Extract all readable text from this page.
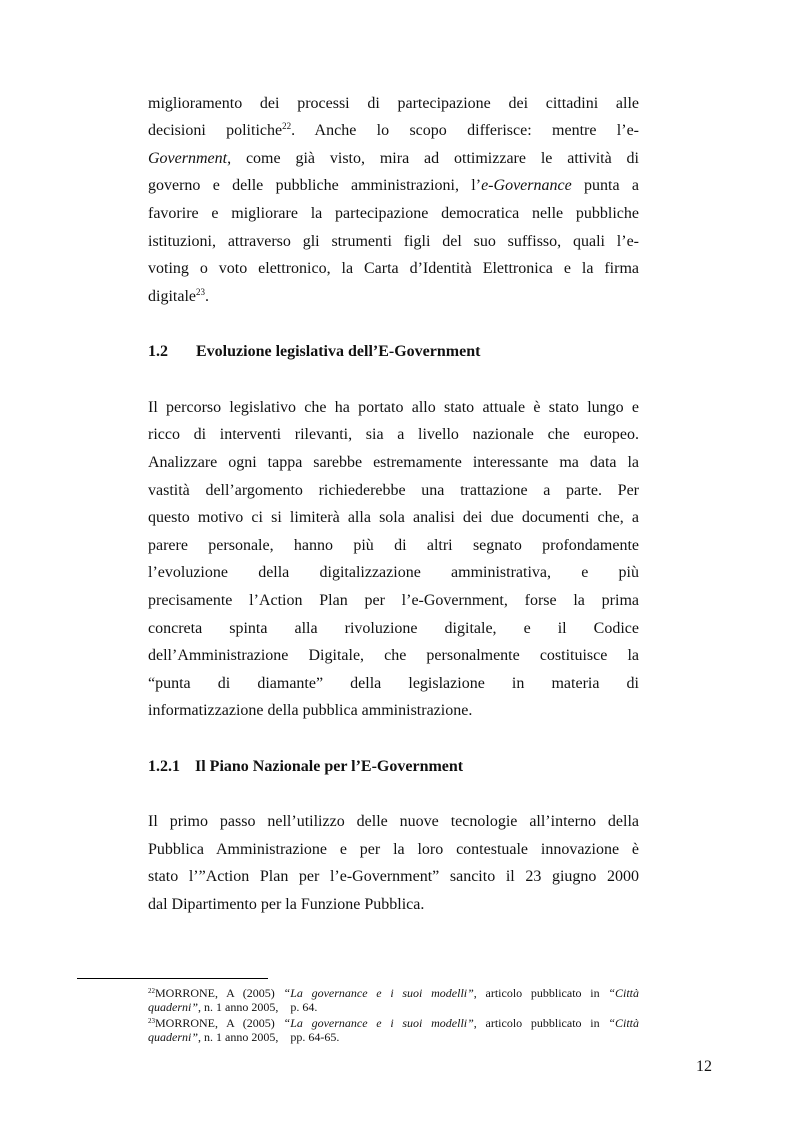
miglioramento dei processi di partecipazione dei cittadini alle
decisioni politiche$^{22}$. Anche lo scopo differisce: mentre l’e-
Government, come già visto, mira ad ottimizzare le attività di
governo e delle pubbliche amministrazioni, l’e-Governance punta a
favorire e migliorare la partecipazione democratica nelle pubbliche
istituzioni, attraverso gli strumenti figli del suo suffisso, quali l’e-
voting o voto elettronico, la Carta d’Identità Elettronica e la firma
digitale$^{23}$.
1.2 Evoluzione legislativa dell’E-Government
Il percorso legislativo che ha portato allo stato attuale è stato lungo e
ricco di interventi rilevanti, sia a livello nazionale che europeo.
Analizzare ogni tappa sarebbe estremamente interessante ma data la
vastità dell’argomento richiederebbe una trattazione a parte. Per
questo motivo ci si limiterà alla sola analisi dei due documenti che, a
parere personale, hanno più di altri segnato profondamente
l’evoluzione della digitalizzazione amministrativa, e più
precisamente l’Action Plan per l’e-Government, forse la prima
concreta spinta alla rivoluzione digitale, e il Codice
dell’Amministrazione Digitale, che personalmente costituisce la
“punta di diamante” della legislazione in materia di
informatizzazione della pubblica amministrazione.
1.2.1 Il Piano Nazionale per l’E-Government
Il primo passo nell’utilizzo delle nuove tecnologie all’interno della
Pubblica Amministrazione e per la loro contestuale innovazione è
stato l’”Action Plan per l’e-Government” sancito il 23 giugno 2000
dal Dipartimento per la Funzione Pubblica.
$^{22}$MORRONE, A (2005) “La governance e i suoi modelli”, articolo pubblicato in “Città quaderni”, n. 1 anno 2005,    p. 64.
$^{23}$MORRONE, A (2005) “La governance e i suoi modelli”, articolo pubblicato in “Città quaderni”, n. 1 anno 2005,    pp. 64-65.
12
